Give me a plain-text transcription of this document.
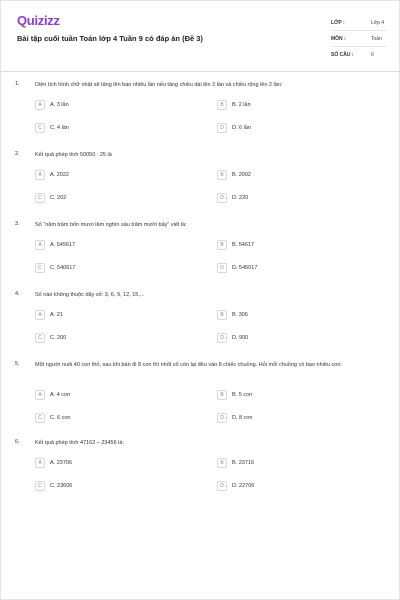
Quizizz
Bài tập cuối tuần Toán lớp 4 Tuần 9 có đáp án (Đề 3)
LỚP :	Lớp 4
MÔN :	Toán
SỐ CÂU :	6
1.	Diện tích hình chữ nhật sẽ tăng lên bao nhiêu lần nếu tăng chiều dài lên 3 lần và chiều rộng lên 2 lần:
A	A. 3 lần	B	B. 2 lần
C	C. 4 lần	D	D. 6 lần
2.	Kết quả phép tính 50050 : 25 là
A	A. 2022	B	B. 2002
C	C. 202	D	D. 220
3.	Số "năm trăm bốn mươi lăm nghìn sáu trăm mười bảy" viết là:
A	A. 545617	B	B. 54617
C	C. 540617	D	D. 545017
4.	Số nào không thuộc dãy số: 3, 6, 9, 12, 15,...
A	A. 21	B	B. 306
C	C. 200	D	D. 900
5.	Một người nuôi 40 con thỏ, sau khi bán đi 8 con thì nhốt số còn lại đều vào 8 chiếc chuồng. Hỏi mỗi chuồng có bao nhiêu con:
A	A. 4 con	B	B. 5 con
C	C. 6 con	D	D. 8 con
6.	Kết quả phép tính 47162 – 23456 là:
A	A. 23706	B	B. 23716
C	C. 23606	D	D. 22706
